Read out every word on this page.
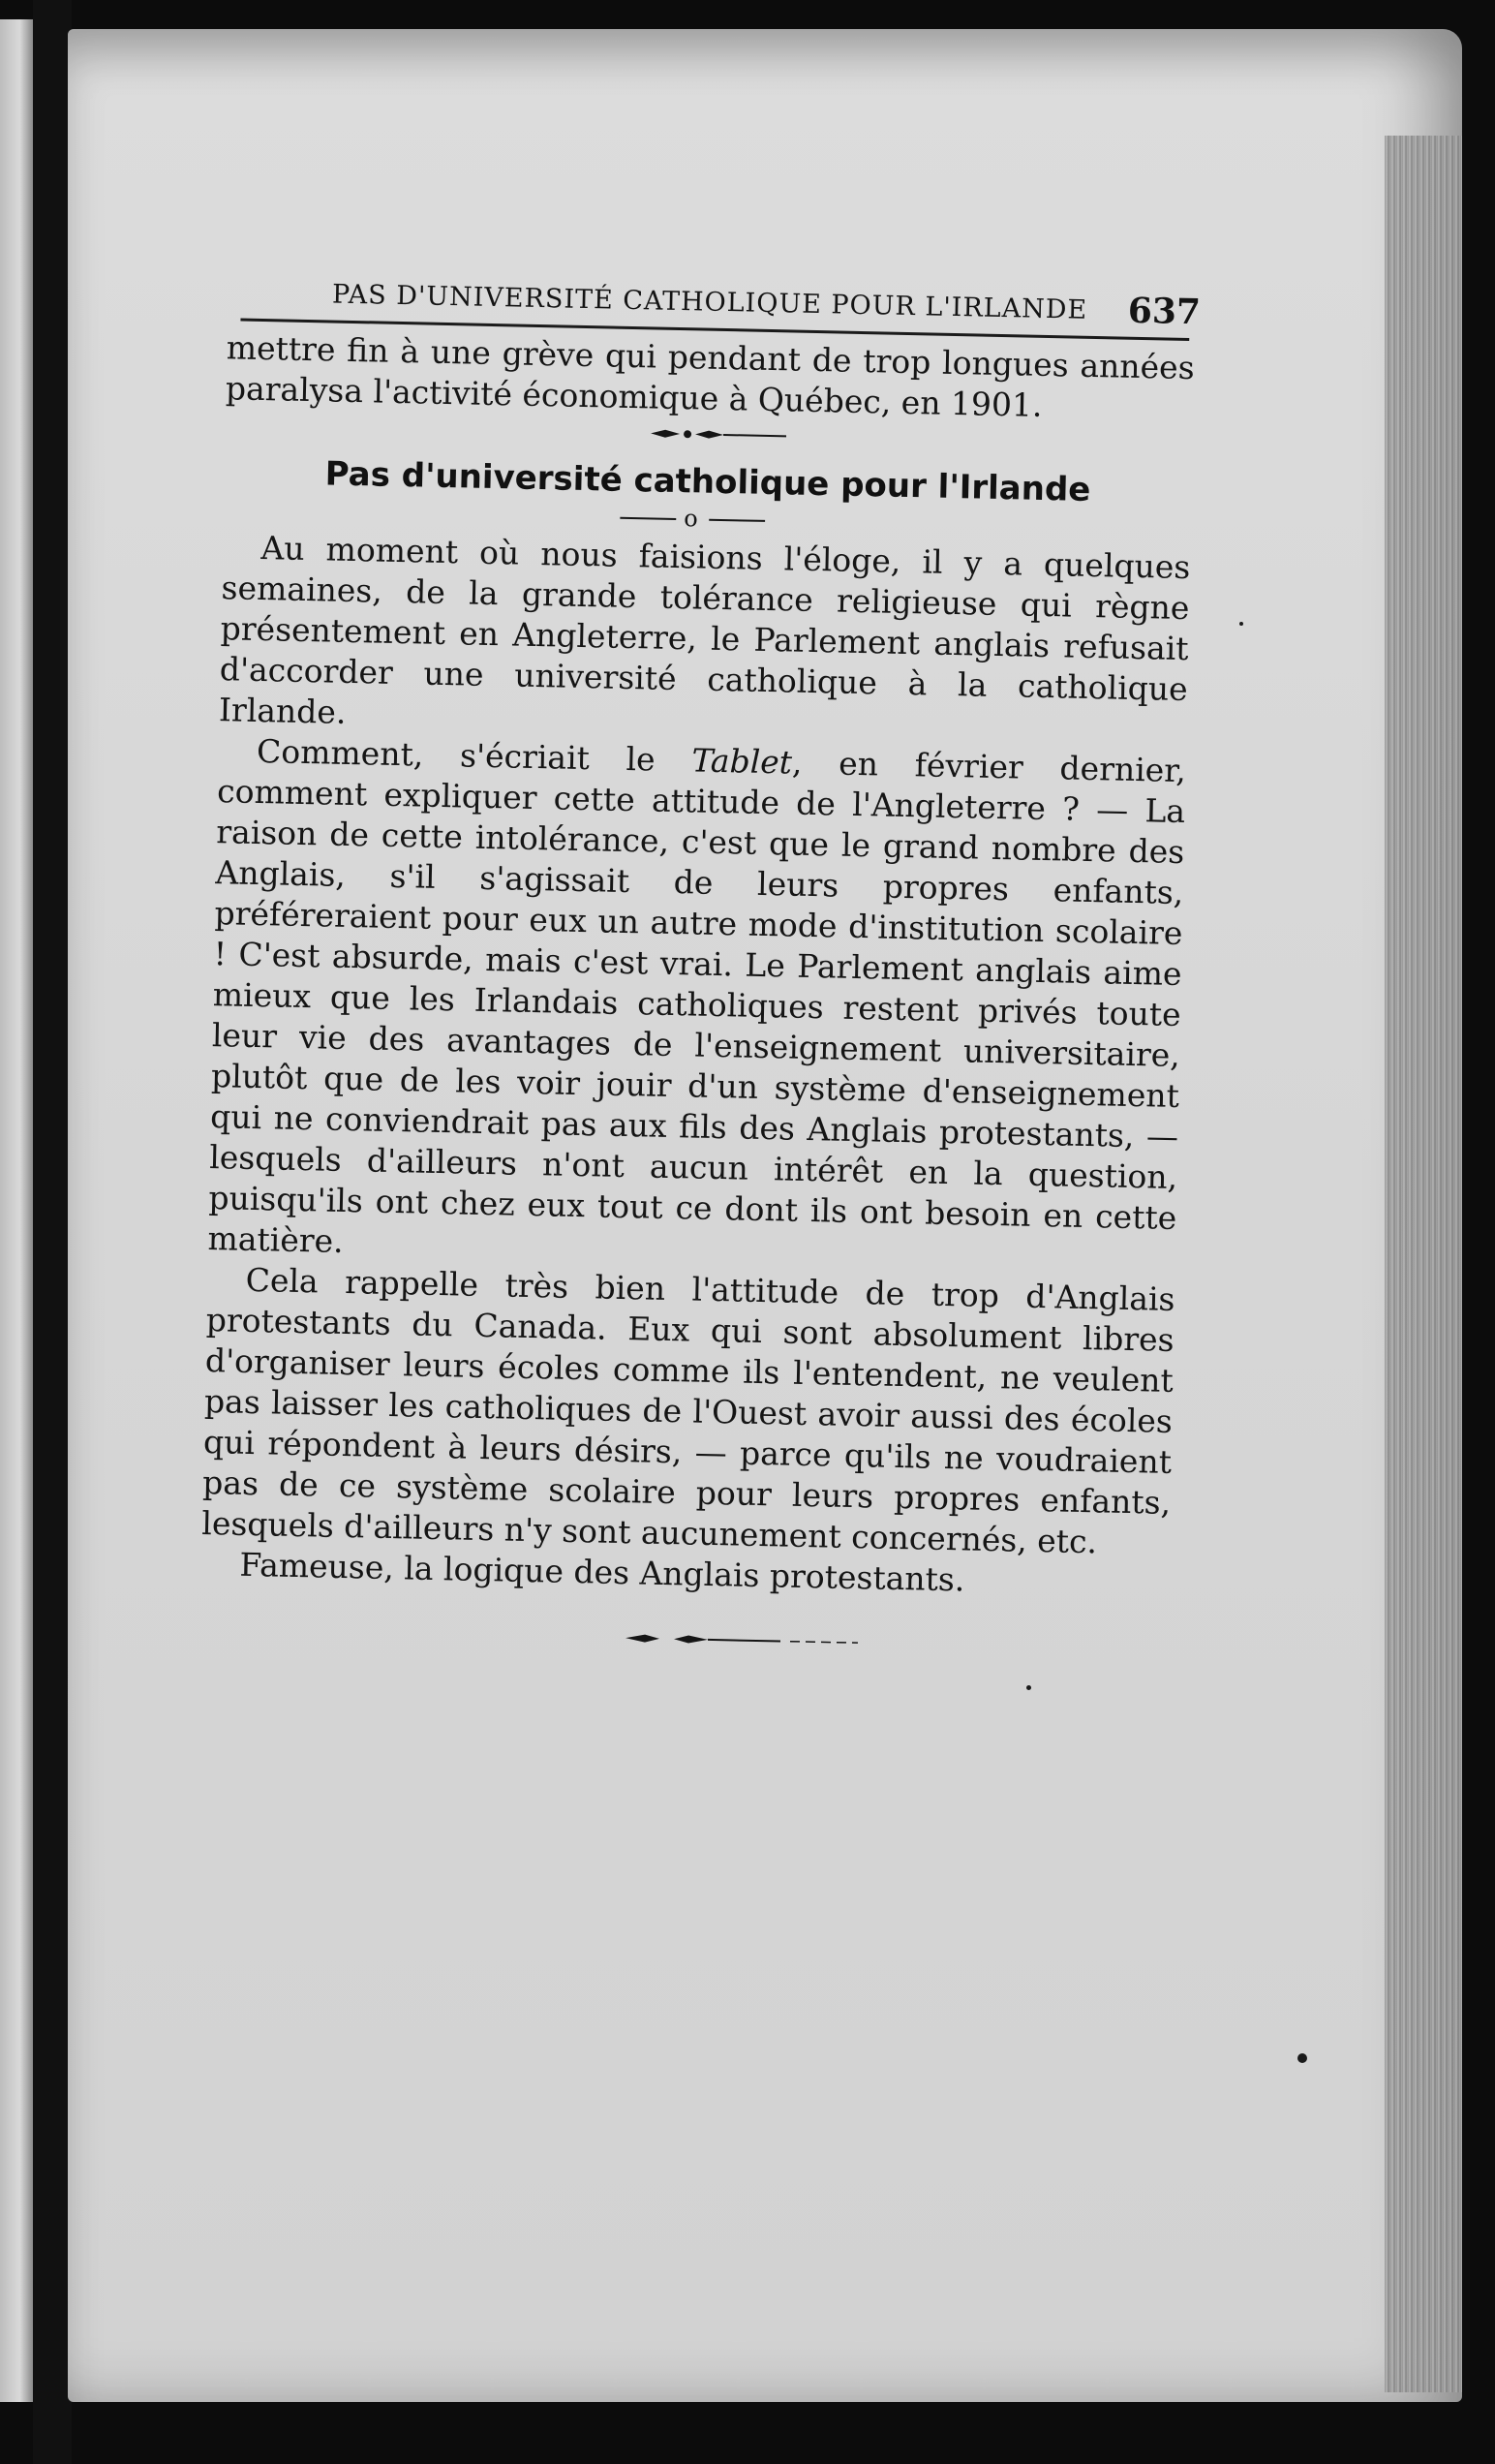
PAS D'UNIVERSITÉ CATHOLIQUE POUR L'IRLANDE	637

mettre fin à une grève qui pendant de trop longues années paralysa l'activité économique à Québec, en 1901.

Pas d'université catholique pour l'Irlande
o

Au moment où nous faisions l'éloge, il y a quelques semaines, de la grande tolérance religieuse qui règne présentement en Angleterre, le Parlement anglais refusait d'accorder une université catholique à la catholique Irlande.

Comment, s'écriait le Tablet, en février dernier, comment expliquer cette attitude de l'Angleterre ? — La raison de cette intolérance, c'est que le grand nombre des Anglais, s'il s'agissait de leurs propres enfants, préféreraient pour eux un autre mode d'institution scolaire ! C'est absurde, mais c'est vrai. Le Parlement anglais aime mieux que les Irlandais catholiques restent privés toute leur vie des avantages de l'enseignement universitaire, plutôt que de les voir jouir d'un système d'enseignement qui ne conviendrait pas aux fils des Anglais protestants, — lesquels d'ailleurs n'ont aucun intérêt en la question, puisqu'ils ont chez eux tout ce dont ils ont besoin en cette matière.

Cela rappelle très bien l'attitude de trop d'Anglais protestants du Canada. Eux qui sont absolument libres d'organiser leurs écoles comme ils l'entendent, ne veulent pas laisser les catholiques de l'Ouest avoir aussi des écoles qui répondent à leurs désirs, — parce qu'ils ne voudraient pas de ce système scolaire pour leurs propres enfants, lesquels d'ailleurs n'y sont aucunement concernés, etc.

Fameuse, la logique des Anglais protestants.
